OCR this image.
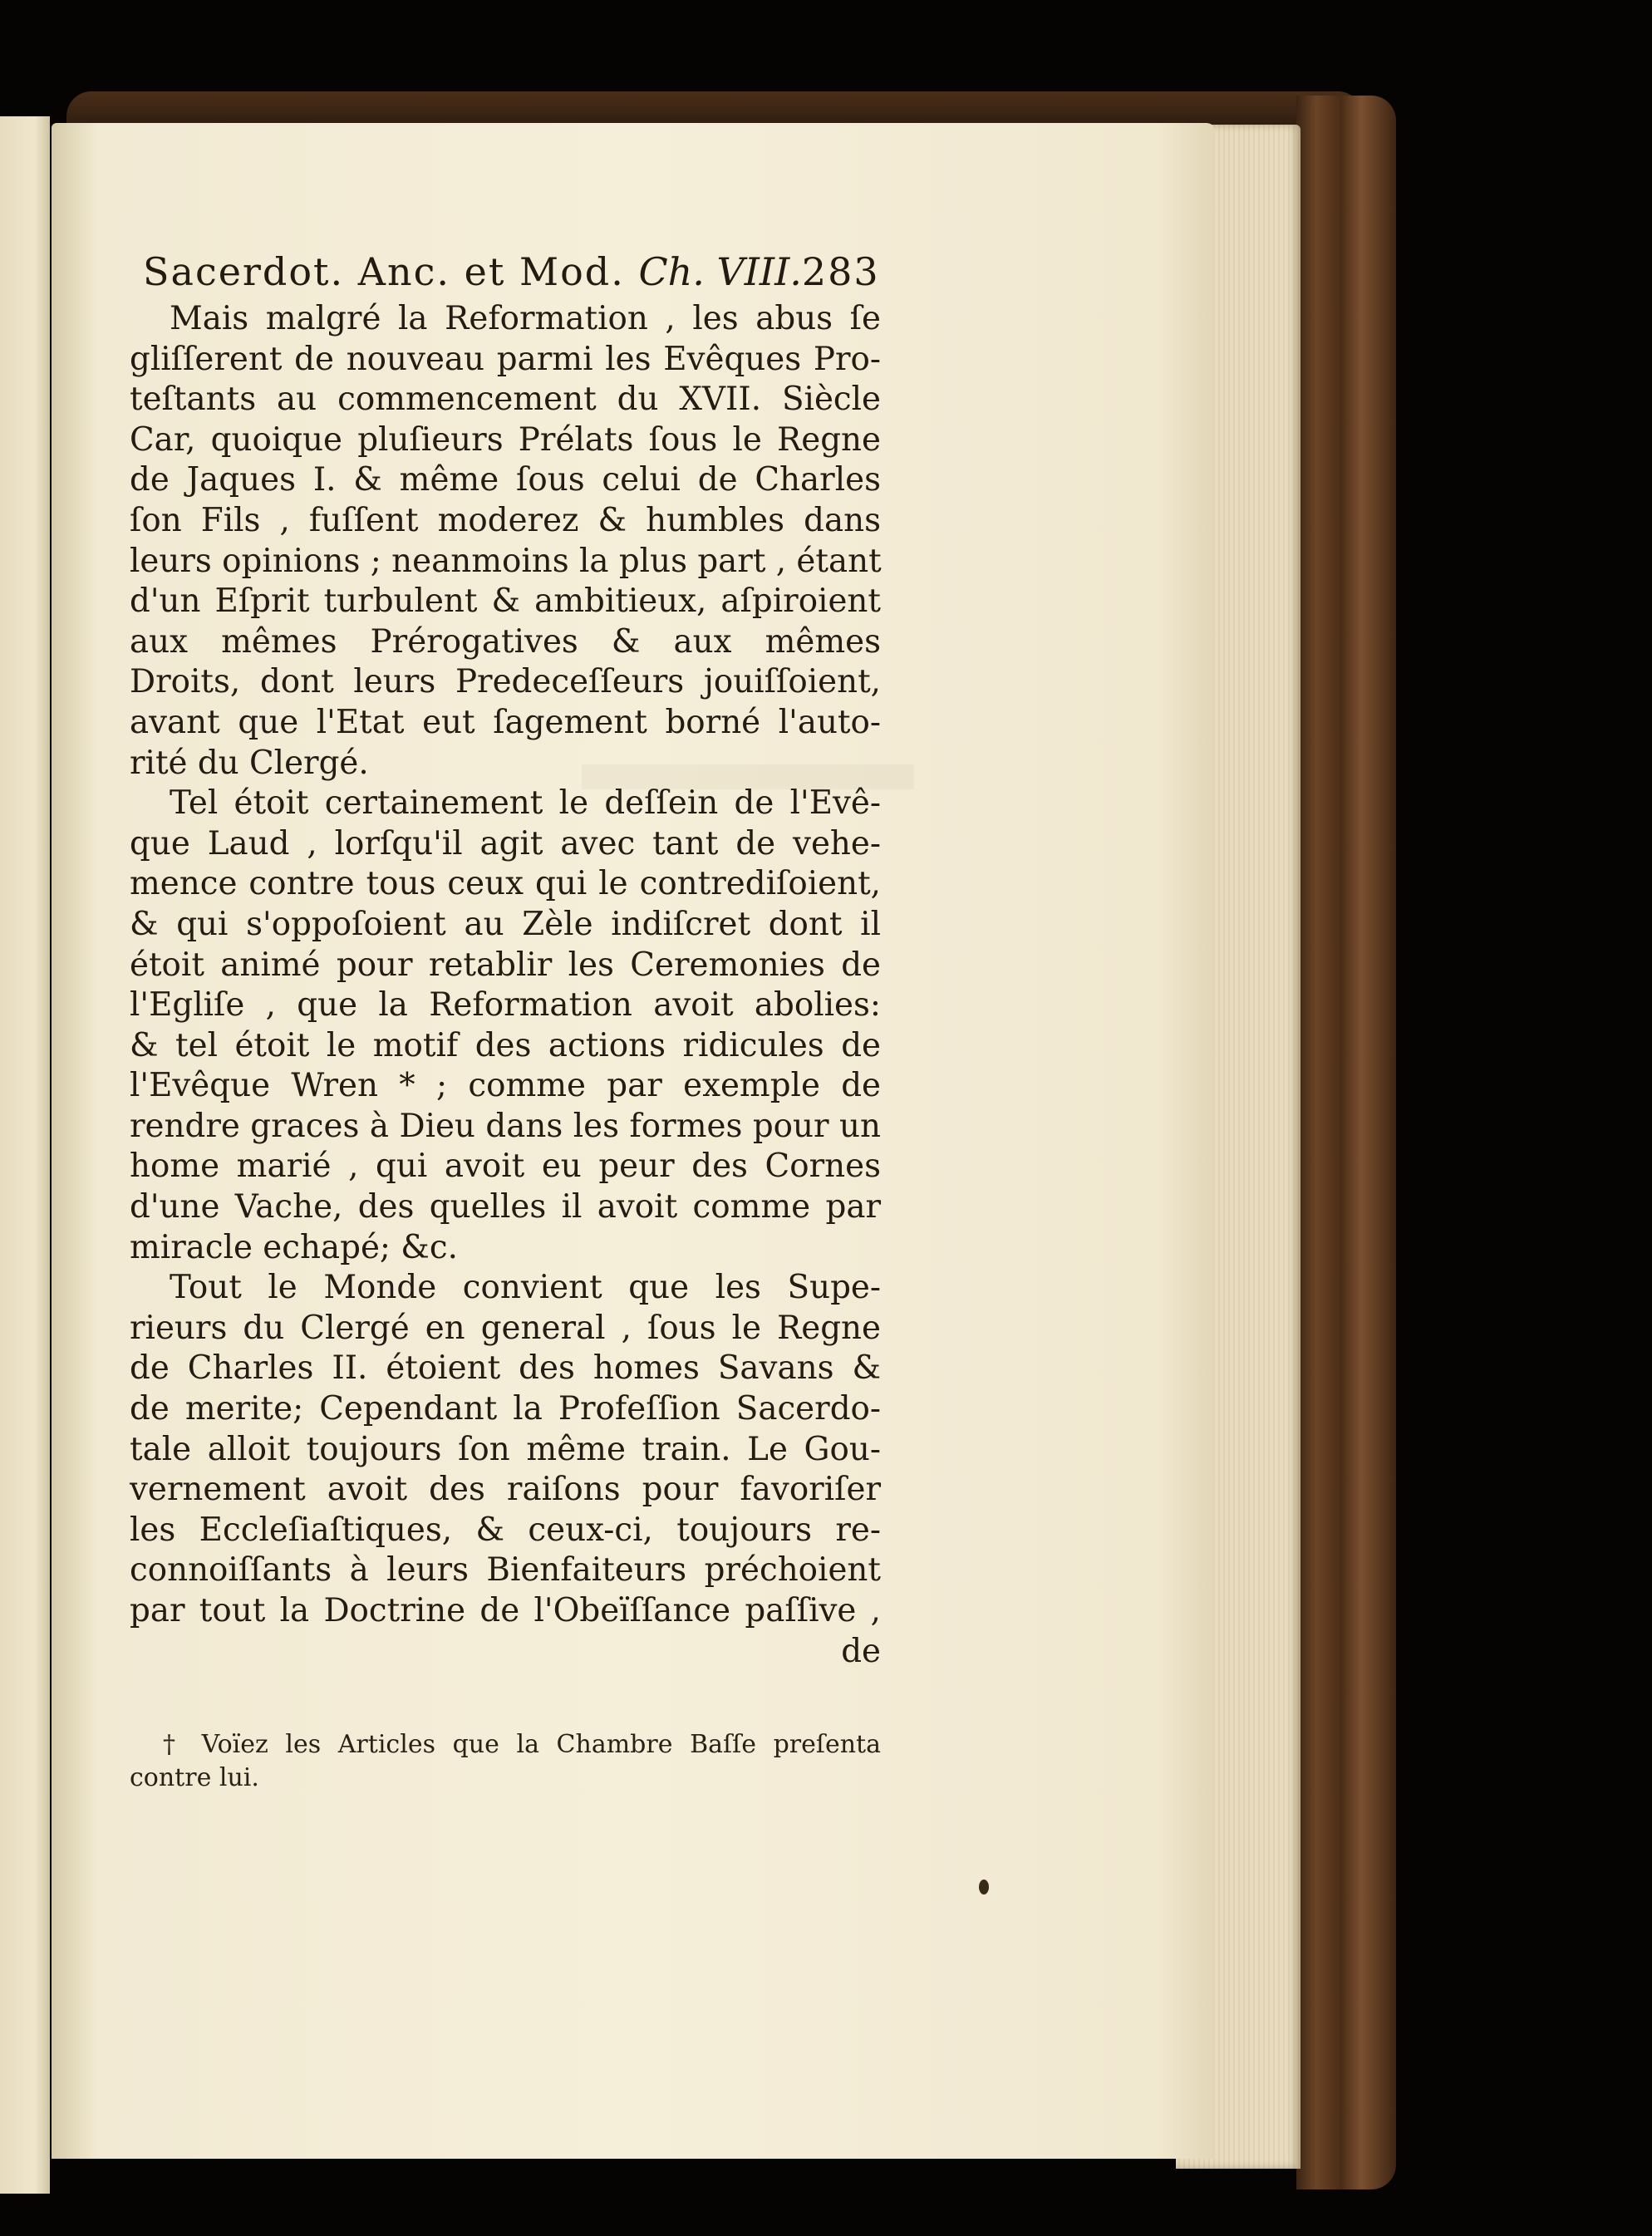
Sacerdot. Anc. et Mod. Ch. VIII.283
Mais malgré la Reformation , les abus ſe
gliſſerent de nouveau parmi les Evêques Pro-
teſtants au commencement du XVII. Siècle
Car, quoique pluſieurs Prélats ſous le Regne
de Jaques I. & même ſous celui de Charles
ſon Fils , fuſſent moderez & humbles dans
leurs opinions ; neanmoins la plus part , étant
d'un Eſprit turbulent & ambitieux, aſpiroient
aux mêmes Prérogatives & aux mêmes
Droits, dont leurs Predeceſſeurs jouiſſoient,
avant que l'Etat eut ſagement borné l'auto-
rité du Clergé.
Tel étoit certainement le deſſein de l'Evê-
que Laud , lorſqu'il agit avec tant de vehe-
mence contre tous ceux qui le contrediſoient,
& qui s'oppoſoient au Zèle indiſcret dont il
étoit animé pour retablir les Ceremonies de
l'Egliſe , que la Reformation avoit abolies:
& tel étoit le motif des actions ridicules de
l'Evêque Wren * ; comme par exemple de
rendre graces à Dieu dans les formes pour un
home marié , qui avoit eu peur des Cornes
d'une Vache, des quelles il avoit comme par
miracle echapé; &c.
Tout le Monde convient que les Supe-
rieurs du Clergé en general , ſous le Regne
de Charles II. étoient des homes Savans &
de merite; Cependant la Profeſſion Sacerdo-
tale alloit toujours ſon même train. Le Gou-
vernement avoit des raiſons pour favoriſer
les Eccleſiaſtiques, & ceux-ci, toujours re-
connoiſſants à leurs Bienfaiteurs préchoient
par tout la Doctrine de l'Obeïſſance paſſive ,
de
† Voïez les Articles que la Chambre Baſſe preſenta
contre lui.
